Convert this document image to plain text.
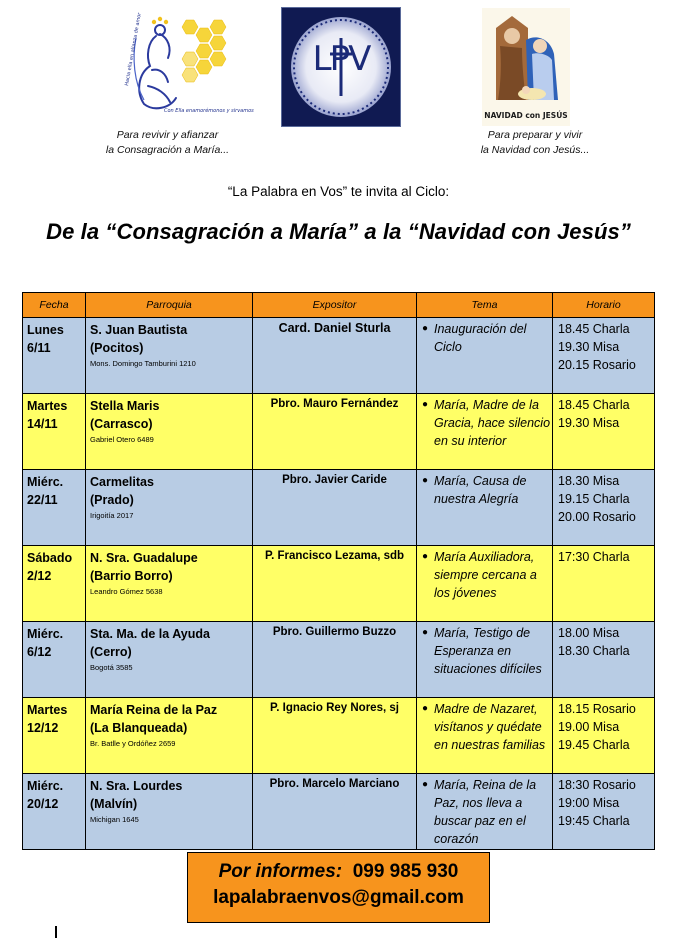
Hacia ella en alianza de amor
Con Ella enamorémonos y sirvamos
LPV
NAVIDAD con JESÚS
Para revivir y afianzar
la Consagración a María...
Para preparar y vivir
la Navidad con Jesús...
“La Palabra en Vos” te invita al Ciclo:
De la “Consagración a María” a la “Navidad con Jesús”
Fecha	Parroquia	Expositor	Tema	Horario

Lunes
6/11	S. Juan Bautista
(Pocitos)
Mons. Domingo Tamburini 1210	Card. Daniel Sturla	● Inauguración del Ciclo	18.45 Charla
19.30 Misa
20.15 Rosario

Martes
14/11	Stella Maris
(Carrasco)
Gabriel Otero 6489	Pbro. Mauro Fernández	● María, Madre de la Gracia, hace silencio en su interior	18.45 Charla
19.30 Misa

Miérc.
22/11	Carmelitas
(Prado)
Irigoitía 2017	Pbro. Javier Caride	● María, Causa de nuestra Alegría	18.30 Misa
19.15 Charla
20.00 Rosario

Sábado
2/12	N. Sra. Guadalupe
(Barrio Borro)
Leandro Gómez 5638	P. Francisco Lezama, sdb	● María Auxiliadora, siempre cercana a los jóvenes	17:30 Charla

Miérc.
6/12	Sta. Ma. de la Ayuda
(Cerro)
Bogotá 3585	Pbro. Guillermo Buzzo	● María, Testigo de Esperanza en situaciones difíciles	18.00 Misa
18.30 Charla

Martes
12/12	María Reina de la Paz
(La Blanqueada)
Br. Batlle y Ordóñez 2659	P. Ignacio Rey Nores, sj	● Madre de Nazaret, visítanos y quédate en nuestras familias	18.15 Rosario
19.00 Misa
19.45 Charla

Miérc.
20/12	N. Sra. Lourdes
(Malvín)
Michigan 1645	Pbro. Marcelo Marciano	● María, Reina de la Paz, nos lleva a buscar paz en el corazón	18:30 Rosario
19:00 Misa
19:45 Charla
Por informes: 099 985 930
lapalabraenvos@gmail.com
